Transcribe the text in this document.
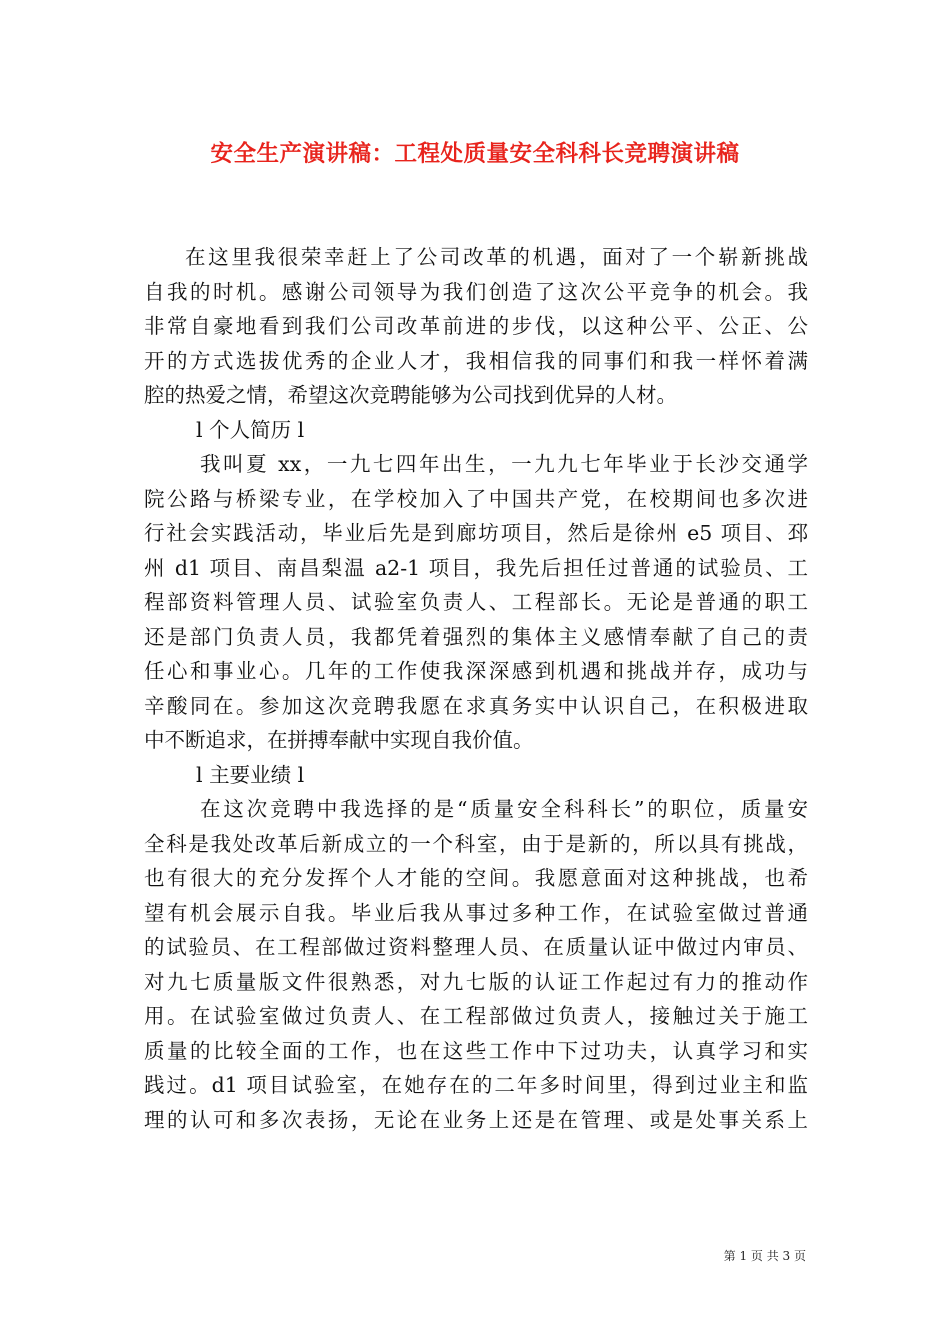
安全生产演讲稿：工程处质量安全科科长竞聘演讲稿
在这里我很荣幸赶上了公司改革的机遇，面对了一个崭新挑战
自我的时机。感谢公司领导为我们创造了这次公平竞争的机会。我
非常自豪地看到我们公司改革前进的步伐，以这种公平、公正、公
开的方式选拔优秀的企业人才，我相信我的同事们和我一样怀着满
腔的热爱之情，希望这次竞聘能够为公司找到优异的人材。
l 个人简历 l
我叫夏 xx，一九七四年出生，一九九七年毕业于长沙交通学
院公路与桥梁专业，在学校加入了中国共产党，在校期间也多次进
行社会实践活动，毕业后先是到廊坊项目，然后是徐州 e5 项目、邳
州 d1 项目、南昌梨温 a2-1 项目，我先后担任过普通的试验员、工
程部资料管理人员、试验室负责人、工程部长。无论是普通的职工
还是部门负责人员，我都凭着强烈的集体主义感情奉献了自己的责
任心和事业心。几年的工作使我深深感到机遇和挑战并存，成功与
辛酸同在。参加这次竞聘我愿在求真务实中认识自己，在积极进取
中不断追求，在拼搏奉献中实现自我价值。
l 主要业绩 l
在这次竞聘中我选择的是“质量安全科科长”的职位，质量安
全科是我处改革后新成立的一个科室，由于是新的，所以具有挑战，
也有很大的充分发挥个人才能的空间。我愿意面对这种挑战，也希
望有机会展示自我。毕业后我从事过多种工作，在试验室做过普通
的试验员、在工程部做过资料整理人员、在质量认证中做过内审员、
对九七质量版文件很熟悉，对九七版的认证工作起过有力的推动作
用。在试验室做过负责人、在工程部做过负责人，接触过关于施工
质量的比较全面的工作，也在这些工作中下过功夫，认真学习和实
践过。d1 项目试验室，在她存在的二年多时间里，得到过业主和监
理的认可和多次表扬，无论在业务上还是在管理、或是处事关系上
第 1 页 共 3 页
